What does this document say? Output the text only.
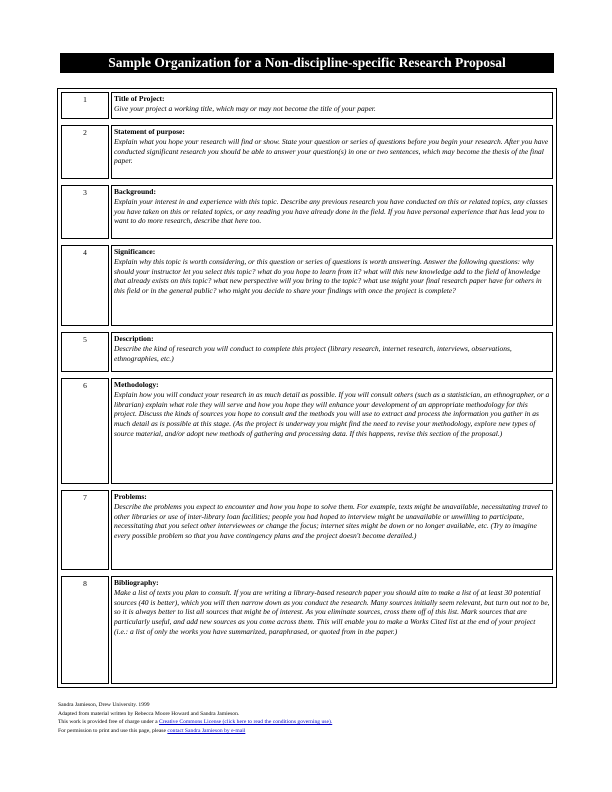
Sample Organization for a Non-discipline-specific Research Proposal
1	Title of Project:
Give your project a working title, which may or may not become the title of your paper.
2	Statement of purpose:
Explain what you hope your research will find or show. State your question or series of questions before you begin your research. After you have conducted significant research you should be able to answer your question(s) in one or two sentences, which may become the thesis of the final paper.
3	Background:
Explain your interest in and experience with this topic. Describe any previous research you have conducted on this or related topics, any classes you have taken on this or related topics, or any reading you have already done in the field. If you have personal experience that has lead you to want to do more research, describe that here too.
4	Significance:
Explain why this topic is worth considering, or this question or series of questions is worth answering. Answer the following questions: why should your instructor let you select this topic? what do you hope to learn from it? what will this new knowledge add to the field of knowledge that already exists on this topic? what new perspective will you bring to the topic? what use might your final research paper have for others in this field or in the general public? who might you decide to share your findings with once the project is complete?
5	Description:
Describe the kind of research you will conduct to complete this project (library research, internet research, interviews, observations, ethnographies, etc.)
6	Methodology:
Explain how you will conduct your research in as much detail as possible. If you will consult others (such as a statistician, an ethnographer, or a librarian) explain what role they will serve and how you hope they will enhance your development of an appropriate methodology for this project. Discuss the kinds of sources you hope to consult and the methods you will use to extract and process the information you gather in as much detail as is possible at this stage. (As the project is underway you might find the need to revise your methodology, explore new types of source material, and/or adopt new methods of gathering and processing data. If this happens, revise this section of the proposal.)
7	Problems:
Describe the problems you expect to encounter and how you hope to solve them. For example, texts might be unavailable, necessitating travel to other libraries or use of inter-library loan facilities; people you had hoped to interview might be unavailable or unwilling to participate, necessitating that you select other interviewees or change the focus; internet sites might be down or no longer available, etc. (Try to imagine every possible problem so that you have contingency plans and the project doesn't become derailed.)
8	Bibliography:
Make a list of texts you plan to consult. If you are writing a library-based research paper you should aim to make a list of at least 30 potential sources (40 is better), which you will then narrow down as you conduct the research. Many sources initially seem relevant, but turn out not to be, so it is always better to list all sources that might be of interest. As you eliminate sources, cross them off of this list. Mark sources that are particularly useful, and add new sources as you come across them. This will enable you to make a Works Cited list at the end of your project (i.e.: a list of only the works you have summarized, paraphrased, or quoted from in the paper.)
Sandra Jamieson, Drew University. 1999
Adapted from material written by Rebecca Moore Howard and Sandra Jamieson.
This work is provided free of charge under a Creative Commons License (click here to read the conditions governing use).
For permission to print and use this page, please contact Sandra Jamieson by e-mail
